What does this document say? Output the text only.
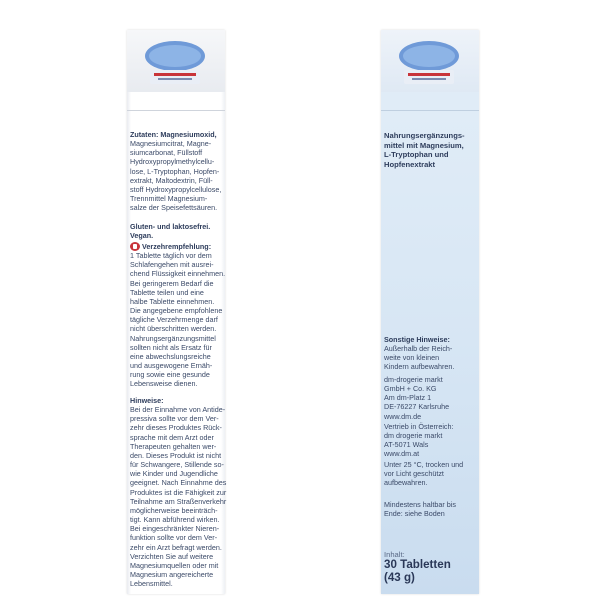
Zutaten: Magnesiumoxid,
Magnesiumcitrat, Magne-
siumcarbonat, Füllstoff
Hydroxypropylmethylcellu-
lose, L-Tryptophan, Hopfen-
extrakt, Maltodextrin, Füll-
stoff Hydroxypropylcellulose,
Trennmittel Magnesium-
salze der Speisefettsäuren.
Gluten- und laktosefrei.
Vegan.
Verzehrempfehlung:
1 Tablette täglich vor dem
Schlafengehen mit ausrei-
chend Flüssigkeit einnehmen.
Bei geringerem Bedarf die
Tablette teilen und eine
halbe Tablette einnehmen.
Die angegebene empfohlene
tägliche Verzehrmenge darf
nicht überschritten werden.
Nahrungsergänzungsmittel
sollten nicht als Ersatz für
eine abwechslungsreiche
und ausgewogene Ernäh-
rung sowie eine gesunde
Lebensweise dienen.
Hinweise:
Bei der Einnahme von Antide-
pressiva sollte vor dem Ver-
zehr dieses Produktes Rück-
sprache mit dem Arzt oder
Therapeuten gehalten wer-
den. Dieses Produkt ist nicht
für Schwangere, Stillende so-
wie Kinder und Jugendliche
geeignet. Nach Einnahme des
Produktes ist die Fähigkeit zur
Teilnahme am Straßenverkehr
möglicherweise beeinträch-
tigt. Kann abführend wirken.
Bei eingeschränkter Nieren-
funktion sollte vor dem Ver-
zehr ein Arzt befragt werden.
Verzichten Sie auf weitere
Magnesiumquellen oder mit
Magnesium angereicherte
Lebensmittel.
Nahrungsergänzungs-
mittel mit Magnesium,
L-Tryptophan und
Hopfenextrakt
Sonstige Hinweise:
Außerhalb der Reich-
weite von kleinen
Kindern aufbewahren.
dm-drogerie markt
GmbH + Co. KG
Am dm-Platz 1
DE-76227 Karlsruhe
www.dm.de
Vertrieb in Österreich:
dm drogerie markt
AT-5071 Wals
www.dm.at
Unter 25 °C, trocken und
vor Licht geschützt
aufbewahren.
Mindestens haltbar bis
Ende: siehe Boden
Inhalt:
30 Tabletten
(43 g)
